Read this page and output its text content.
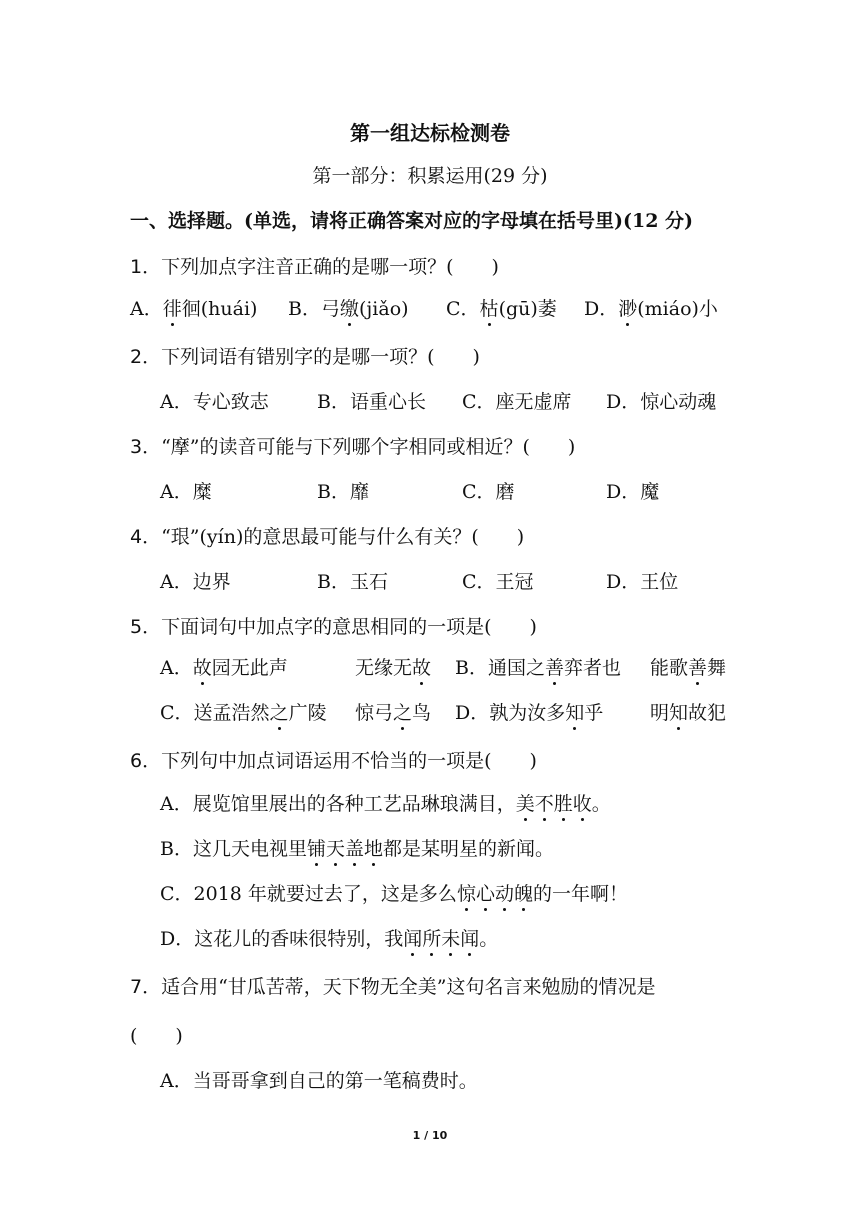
第一组达标检测卷
第一部分：积累运用(29 分)
一、选择题。(单选，请将正确答案对应的字母填在括号里)(12 分)
1．下列加点字注音正确的是哪一项？(　　)
A．徘徊(huái) B．弓缴(jiǎo) C．枯(gū)萎 D．渺(miáo)小
2．下列词语有错别字的是哪一项？(　　)
A．专心致志	B．语重心长 C．座无虚席 D．惊心动魂
3．“摩”的读音可能与下列哪个字相同或相近？(　　)
A．糜	B．靡	C．磨	D．魔
4．“珢”(yín)的意思最可能与什么有关？(　　)
A．边界	B．玉石	C．王冠	D．王位
5．下面词句中加点字的意思相同的一项是(　　)
A．故园无此声	无缘无故 B．通国之善弈者也 能歌善舞
C．送孟浩然之广陵 惊弓之鸟 D．孰为汝多知乎 明知故犯
6．下列句中加点词语运用不恰当的一项是(　　)
A．展览馆里展出的各种工艺品琳琅满目，美不胜收。
B．这几天电视里铺天盖地都是某明星的新闻。
C．2018 年就要过去了，这是多么惊心动魄的一年啊！
D．这花儿的香味很特别，我闻所未闻。
7．适合用“甘瓜苦蒂，天下物无全美”这句名言来勉励的情况是
(　　)
A．当哥哥拿到自己的第一笔稿费时。
1 / 10
